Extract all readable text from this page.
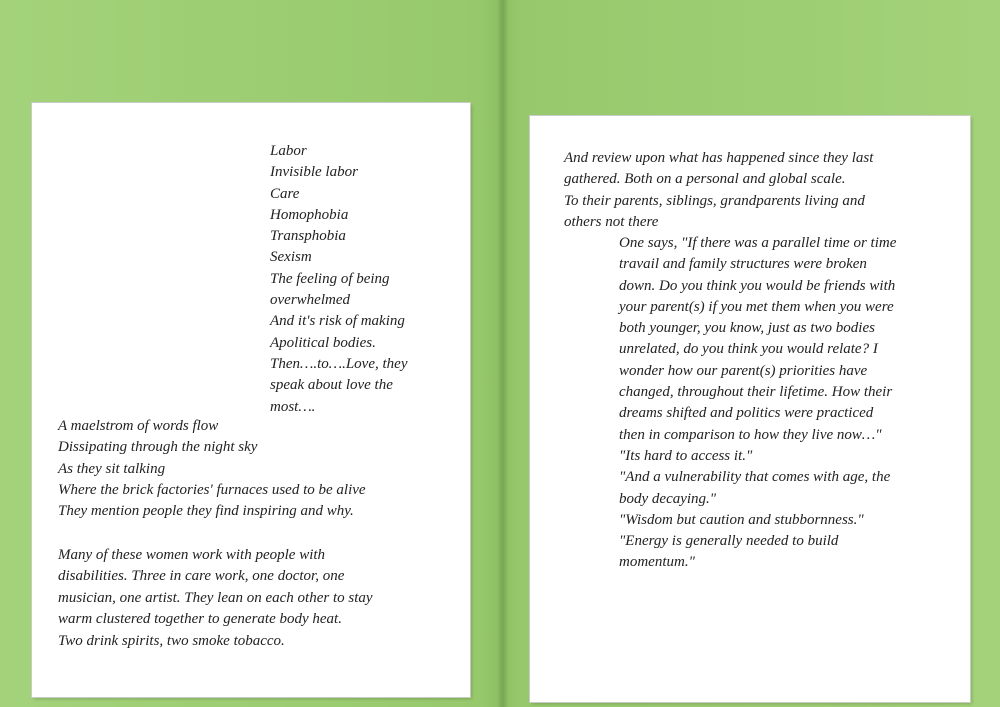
Labor
Invisible labor
Care
Homophobia
Transphobia
Sexism
The feeling of being
overwhelmed
And it's risk of making
Apolitical bodies.
Then….to….Love, they
speak about love the
most….
A maelstrom of words flow
Dissipating through the night sky
As they sit talking
Where the brick factories' furnaces used to be alive
They mention people they find inspiring and why.
Many of these women work with people with
disabilities. Three in care work, one doctor, one
musician, one artist. They lean on each other to stay
warm clustered together to generate body heat.
Two drink spirits, two smoke tobacco.
And review upon what has happened since they last
gathered. Both on a personal and global scale.
To their parents, siblings, grandparents living and
others not there
One says, "If there was a parallel time or time
travail and family structures were broken
down. Do you think you would be friends with
your parent(s) if you met them when you were
both younger, you know, just as two bodies
unrelated, do you think you would relate? I
wonder how our parent(s) priorities have
changed, throughout their lifetime. How their
dreams shifted and politics were practiced
then in comparison to how they live now…"
"Its hard to access it."
"And a vulnerability that comes with age, the
body decaying."
"Wisdom but caution and stubbornness."
"Energy is generally needed to build
momentum."
